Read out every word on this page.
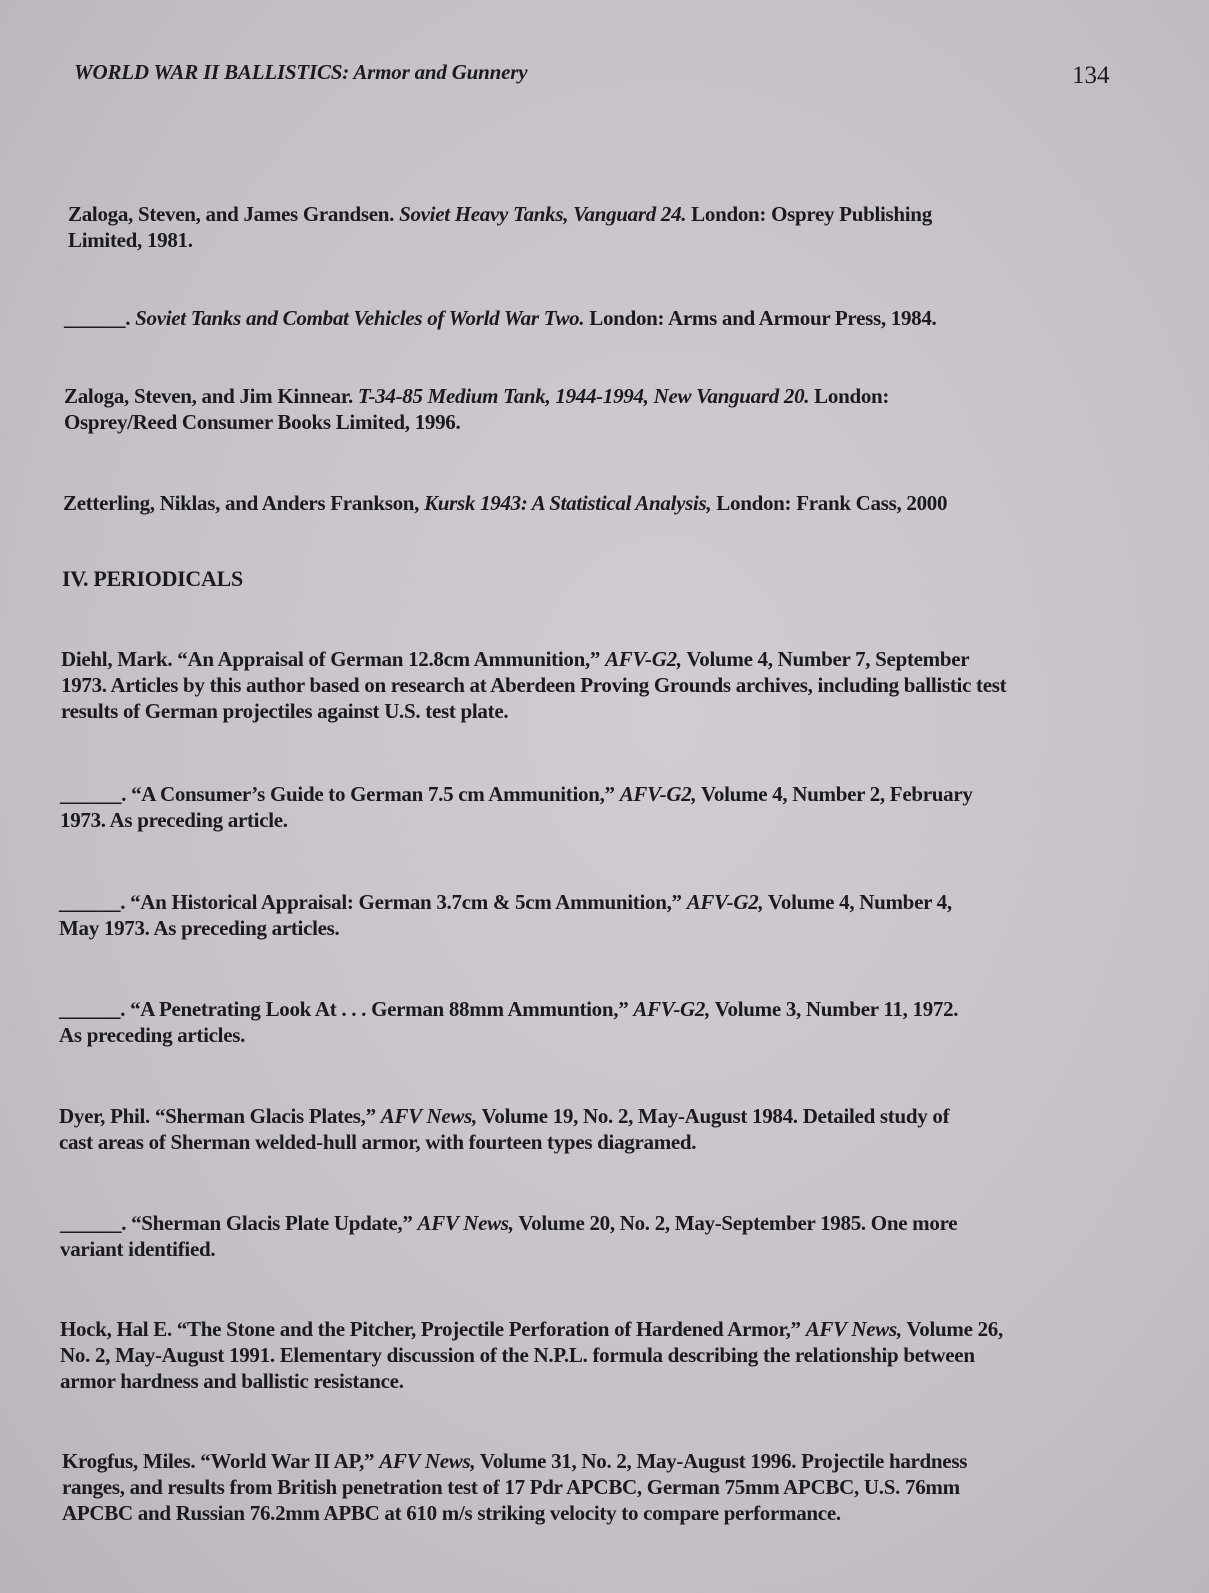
WORLD WAR II BALLISTICS: Armor and Gunnery	134
Zaloga, Steven, and James Grandsen. Soviet Heavy Tanks, Vanguard 24. London: Osprey Publishing
Limited, 1981.
______. Soviet Tanks and Combat Vehicles of World War Two. London: Arms and Armour Press, 1984.
Zaloga, Steven, and Jim Kinnear. T-34-85 Medium Tank, 1944-1994, New Vanguard 20. London:
Osprey/Reed Consumer Books Limited, 1996.
Zetterling, Niklas, and Anders Frankson, Kursk 1943: A Statistical Analysis, London: Frank Cass, 2000
IV. PERIODICALS
Diehl, Mark. “An Appraisal of German 12.8cm Ammunition,” AFV-G2, Volume 4, Number 7, September
1973. Articles by this author based on research at Aberdeen Proving Grounds archives, including ballistic test
results of German projectiles against U.S. test plate.
______. “A Consumer’s Guide to German 7.5 cm Ammunition,” AFV-G2, Volume 4, Number 2, February
1973. As preceding article.
______. “An Historical Appraisal: German 3.7cm & 5cm Ammunition,” AFV-G2, Volume 4, Number 4,
May 1973. As preceding articles.
______. “A Penetrating Look At . . . German 88mm Ammuntion,” AFV-G2, Volume 3, Number 11, 1972.
As preceding articles.
Dyer, Phil. “Sherman Glacis Plates,” AFV News, Volume 19, No. 2, May-August 1984. Detailed study of
cast areas of Sherman welded-hull armor, with fourteen types diagramed.
______. “Sherman Glacis Plate Update,” AFV News, Volume 20, No. 2, May-September 1985. One more
variant identified.
Hock, Hal E. “The Stone and the Pitcher, Projectile Perforation of Hardened Armor,” AFV News, Volume 26,
No. 2, May-August 1991. Elementary discussion of the N.P.L. formula describing the relationship between
armor hardness and ballistic resistance.
Krogfus, Miles. “World War II AP,” AFV News, Volume 31, No. 2, May-August 1996. Projectile hardness
ranges, and results from British penetration test of 17 Pdr APCBC, German 75mm APCBC, U.S. 76mm
APCBC and Russian 76.2mm APBC at 610 m/s striking velocity to compare performance.
